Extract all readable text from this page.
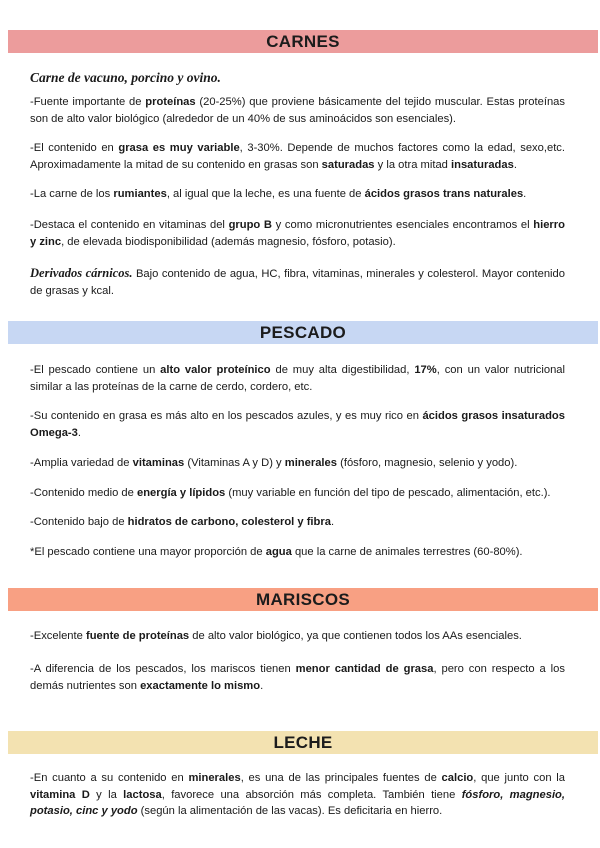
CARNES

Carne de vacuno, porcino y ovino.

-Fuente importante de proteínas (20-25%) que proviene básicamente del tejido muscular. Estas proteínas son de alto valor biológico (alrededor de un 40% de sus aminoácidos son esenciales).

-El contenido en grasa es muy variable, 3-30%. Depende de muchos factores como la edad, sexo,etc. Aproximadamente la mitad de su contenido en grasas son saturadas y la otra mitad insaturadas.

-La carne de los rumiantes, al igual que la leche, es una fuente de ácidos grasos trans naturales.

-Destaca el contenido en vitaminas del grupo B y como micronutrientes esenciales encontramos el hierro y zinc, de elevada biodisponibilidad (además magnesio, fósforo, potasio).

Derivados cárnicos. Bajo contenido de agua, HC, fibra, vitaminas, minerales y colesterol. Mayor contenido de grasas y kcal.

PESCADO

-El pescado contiene un alto valor proteínico de muy alta digestibilidad, 17%, con un valor nutricional similar a las proteínas de la carne de cerdo, cordero, etc.

-Su contenido en grasa es más alto en los pescados azules, y es muy rico en ácidos grasos insaturados Omega-3.

-Amplia variedad de vitaminas (Vitaminas A y D) y minerales (fósforo, magnesio, selenio y yodo).

-Contenido medio de energía y lípidos (muy variable en función del tipo de pescado, alimentación, etc.).

-Contenido bajo de hidratos de carbono, colesterol y fibra.

*El pescado contiene una mayor proporción de agua que la carne de animales terrestres (60-80%).

MARISCOS

-Excelente fuente de proteínas de alto valor biológico, ya que contienen todos los AAs esenciales.

-A diferencia de los pescados, los mariscos tienen menor cantidad de grasa, pero con respecto a los demás nutrientes son exactamente lo mismo.

LECHE

-En cuanto a su contenido en minerales, es una de las principales fuentes de calcio, que junto con la vitamina D y la lactosa, favorece una absorción más completa. También tiene fósforo, magnesio, potasio, cinc y yodo (según la alimentación de las vacas). Es deficitaria en hierro.
